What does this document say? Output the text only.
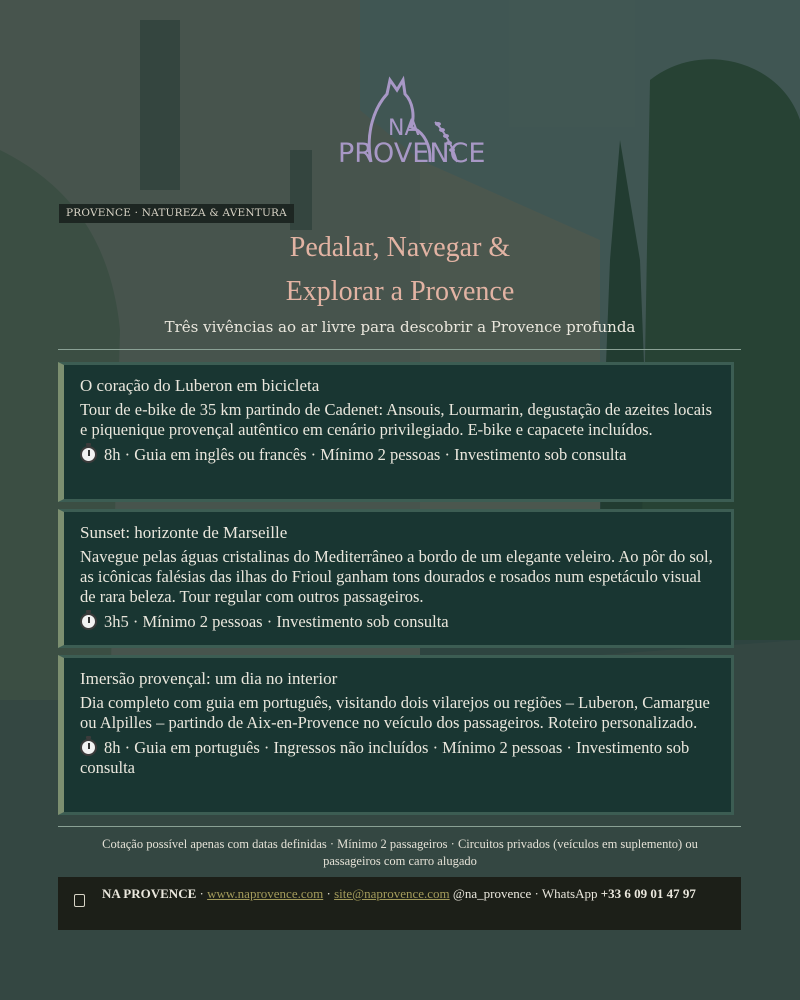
NA
PROVENCE
PROVENCE · NATUREZA & AVENTURA
Pedalar, Navegar &
Explorar a Provence
Três vivências ao ar livre para descobrir a Provence profunda
O coração do Luberon em bicicleta
Tour de e-bike de 35 km partindo de Cadenet: Ansouis, Lourmarin, degustação de azeites locais e piquenique provençal autêntico em cenário privilegiado. E-bike e capacete incluídos.
8h · Guia em inglês ou francês · Mínimo 2 pessoas · Investimento sob consulta
Sunset: horizonte de Marseille
Navegue pelas águas cristalinas do Mediterrâneo a bordo de um elegante veleiro. Ao pôr do sol, as icônicas falésias das ilhas do Frioul ganham tons dourados e rosados num espetáculo visual de rara beleza. Tour regular com outros passageiros.
3h5 · Mínimo 2 pessoas · Investimento sob consulta
Imersão provençal: um dia no interior
Dia completo com guia em português, visitando dois vilarejos ou regiões – Luberon, Camargue ou Alpilles – partindo de Aix-en-Provence no veículo dos passageiros. Roteiro personalizado.
8h · Guia em português · Ingressos não incluídos · Mínimo 2 pessoas · Investimento sob consulta
Cotação possível apenas com datas definidas · Mínimo 2 passageiros · Circuitos privados (veículos em suplemento) ou passageiros com carro alugado
NA PROVENCE · www.naprovence.com · site@naprovence.com @na_provence · WhatsApp +33 6 09 01 47 97
